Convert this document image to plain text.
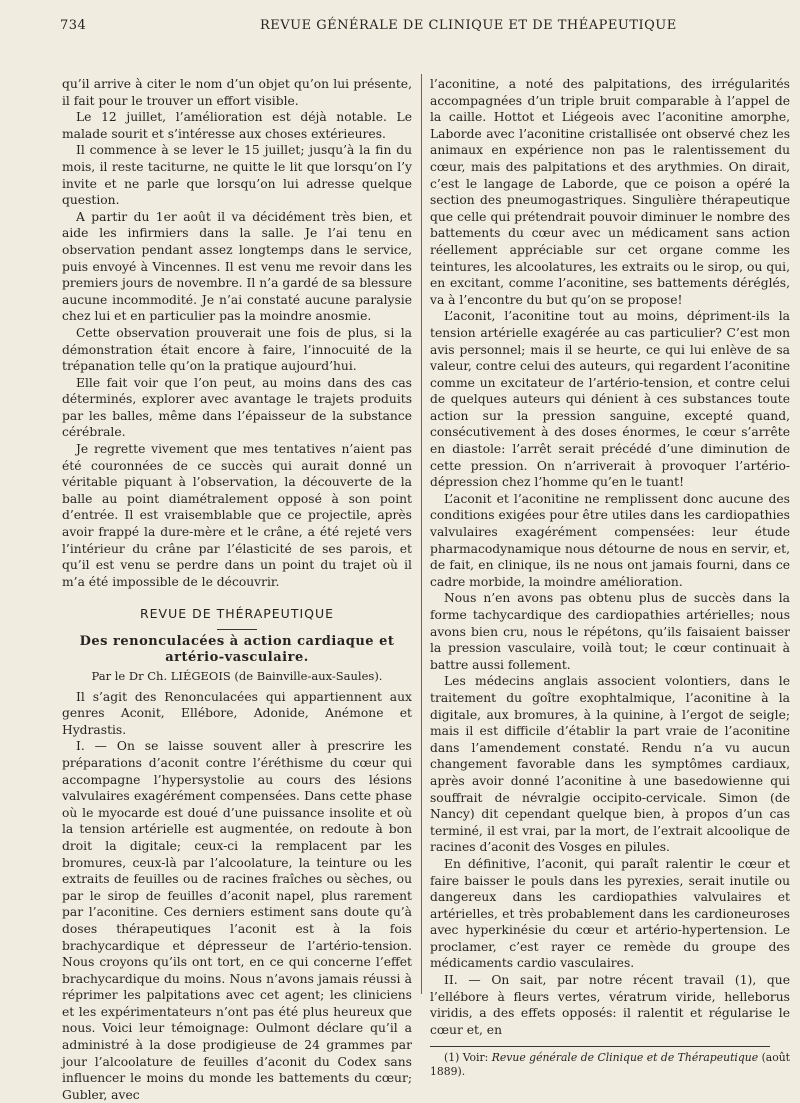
734	REVUE GÉNÉRALE DE CLINIQUE ET DE THÉAPEUTIQUE

qu’il arrive à citer le nom d’un objet qu’on lui présente, il fait pour le trouver un effort visible.

Le 12 juillet, l’amélioration est déjà notable. Le malade sourit et s’intéresse aux choses extérieures.

Il commence à se lever le 15 juillet; jusqu’à la fin du mois, il reste taciturne, ne quitte le lit que lorsqu’on l’y invite et ne parle que lorsqu’on lui adresse quelque question.

A partir du 1er août il va décidément très bien, et aide les infirmiers dans la salle. Je l’ai tenu en observation pendant assez longtemps dans le service, puis envoyé à Vincennes. Il est venu me revoir dans les premiers jours de novembre. Il n’a gardé de sa blessure aucune incommodité. Je n’ai constaté aucune paralysie chez lui et en particulier pas la moindre anosmie.

Cette observation prouverait une fois de plus, si la démonstration était encore à faire, l’innocuité de la trépanation telle qu’on la pratique aujourd’hui.

Elle fait voir que l’on peut, au moins dans des cas déterminés, explorer avec avantage le trajets produits par les balles, même dans l’épaisseur de la substance cérébrale.

Je regrette vivement que mes tentatives n’aient pas été couronnées de ce succès qui aurait donné un véritable piquant à l’observation, la découverte de la balle au point diamétralement opposé à son point d’entrée. Il est vraisemblable que ce projectile, après avoir frappé la dure-mère et le crâne, a été rejeté vers l’intérieur du crâne par l’élasticité de ses parois, et qu’il est venu se perdre dans un point du trajet où il m’a été impossible de le découvrir.

REVUE DE THÉRAPEUTIQUE
Des renonculacées à action cardiaque et
artério-vasculaire.
Par le Dr Ch. LIÉGEOIS (de Bainville-aux-Saules).

Il s’agit des Renonculacées qui appartiennent aux genres Aconit, Ellébore, Adonide, Anémone et Hydrastis.

I. — On se laisse souvent aller à prescrire les préparations d’aconit contre l’éréthisme du cœur qui accompagne l’hypersystolie au cours des lésions valvulaires exagérément compensées. Dans cette phase où le myocarde est doué d’une puissance insolite et où la tension artérielle est augmentée, on redoute à bon droit la digitale; ceux-ci la remplacent par les bromures, ceux-là par l’alcoolature, la teinture ou les extraits de feuilles ou de racines fraîches ou sèches, ou par le sirop de feuilles d’aconit napel, plus rarement par l’aconitine. Ces derniers estiment sans doute qu’à doses thérapeutiques l’aconit est à la fois brachycardique et dépresseur de l’artério-tension. Nous croyons qu’ils ont tort, en ce qui concerne l’effet brachycardique du moins. Nous n’avons jamais réussi à réprimer les palpitations avec cet agent; les cliniciens et les expérimentateurs n’ont pas été plus heureux que nous. Voici leur témoignage: Oulmont déclare qu’il a administré à la dose prodigieuse de 24 grammes par jour l’alcoolature de feuilles d’aconit du Codex sans influencer le moins du monde les battements du cœur; Gubler, avec

l’aconitine, a noté des palpitations, des irrégularités accompagnées d’un triple bruit comparable à l’appel de la caille. Hottot et Liégeois avec l’aconitine amorphe, Laborde avec l’aconitine cristallisée ont observé chez les animaux en expérience non pas le ralentissement du cœur, mais des palpitations et des arythmies. On dirait, c’est le langage de Laborde, que ce poison a opéré la section des pneumogastriques. Singulière thérapeutique que celle qui prétendrait pouvoir diminuer le nombre des battements du cœur avec un médicament sans action réellement appréciable sur cet organe comme les teintures, les alcoolatures, les extraits ou le sirop, ou qui, en excitant, comme l’aconitine, ses battements déréglés, va à l’encontre du but qu’on se propose!

L’aconit, l’aconitine tout au moins, dépriment-ils la tension artérielle exagérée au cas particulier? C’est mon avis personnel; mais il se heurte, ce qui lui enlève de sa valeur, contre celui des auteurs, qui regardent l’aconitine comme un excitateur de l’artério-tension, et contre celui de quelques auteurs qui dénient à ces substances toute action sur la pression sanguine, excepté quand, consécutivement à des doses énormes, le cœur s’arrête en diastole: l’arrêt serait précédé d’une diminution de cette pression. On n’arriverait à provoquer l’artério-dépression chez l’homme qu’en le tuant!

L’aconit et l’aconitine ne remplissent donc aucune des conditions exigées pour être utiles dans les cardiopathies valvulaires exagérément compensées: leur étude pharmacodynamique nous détourne de nous en servir, et, de fait, en clinique, ils ne nous ont jamais fourni, dans ce cadre morbide, la moindre amélioration.

Nous n’en avons pas obtenu plus de succès dans la forme tachycardique des cardiopathies artérielles; nous avons bien cru, nous le répétons, qu’ils faisaient baisser la pression vasculaire, voilà tout; le cœur continuait à battre aussi follement.

Les médecins anglais associent volontiers, dans le traitement du goître exophtalmique, l’aconitine à la digitale, aux bromures, à la quinine, à l’ergot de seigle; mais il est difficile d’établir la part vraie de l’aconitine dans l’amendement constaté. Rendu n’a vu aucun changement favorable dans les symptômes cardiaux, après avoir donné l’aconitine à une basedowienne qui souffrait de névralgie occipito-cervicale. Simon (de Nancy) dit cependant quelque bien, à propos d’un cas terminé, il est vrai, par la mort, de l’extrait alcoolique de racines d’aconit des Vosges en pilules.

En définitive, l’aconit, qui paraît ralentir le cœur et faire baisser le pouls dans les pyrexies, serait inutile ou dangereux dans les cardiopathies valvulaires et artérielles, et très probablement dans les cardioneuroses avec hyperkinésie du cœur et artério-hypertension. Le proclamer, c’est rayer ce remède du groupe des médicaments cardio vasculaires.

II. — On sait, par notre récent travail (1), que l’ellébore à fleurs vertes, vératrum viride, helleborus viridis, a des effets opposés: il ralentit et régularise le cœur et, en

(1) Voir: Revue générale de Clinique et de Thérapeutique (août 1889).
